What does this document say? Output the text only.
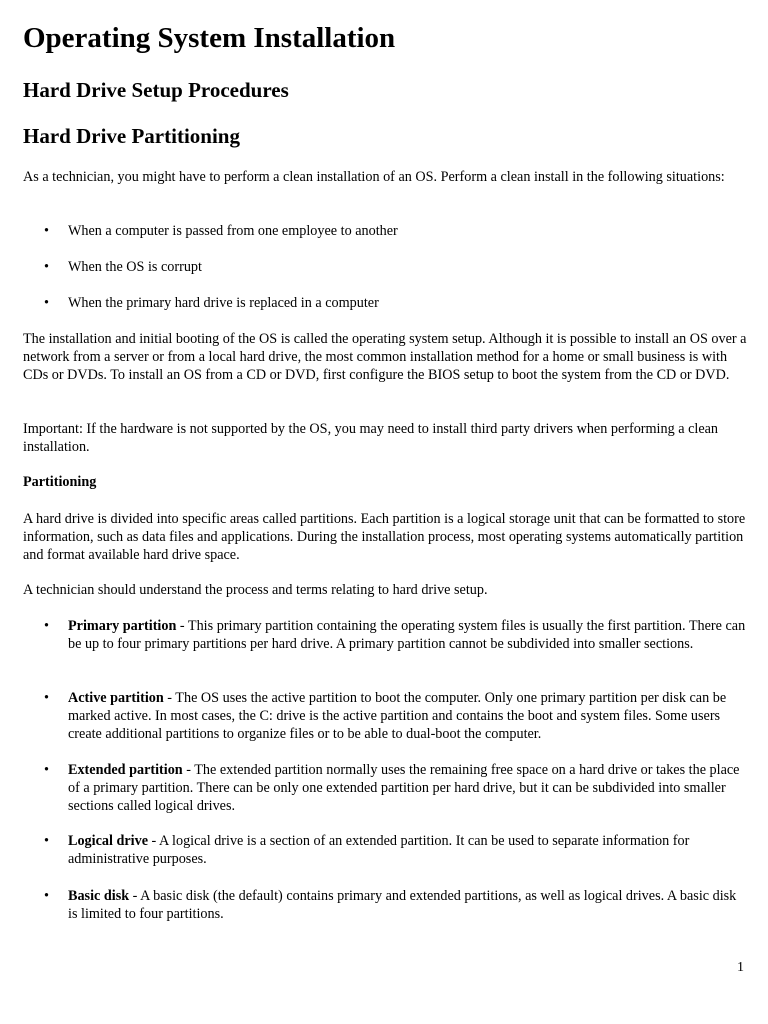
Operating System Installation
Hard Drive Setup Procedures
Hard Drive Partitioning

As a technician, you might have to perform a clean installation of an OS. Perform a clean install in the following situations:

• When a computer is passed from one employee to another
• When the OS is corrupt
• When the primary hard drive is replaced in a computer

The installation and initial booting of the OS is called the operating system setup. Although it is possible to install an OS over a network from a server or from a local hard drive, the most common installation method for a home or small business is with CDs or DVDs. To install an OS from a CD or DVD, first configure the BIOS setup to boot the system from the CD or DVD.

Important: If the hardware is not supported by the OS, you may need to install third party drivers when performing a clean installation.

Partitioning

A hard drive is divided into specific areas called partitions. Each partition is a logical storage unit that can be formatted to store information, such as data files and applications. During the installation process, most operating systems automatically partition and format available hard drive space.

A technician should understand the process and terms relating to hard drive setup.

• Primary partition - This primary partition containing the operating system files is usually the first partition. There can be up to four primary partitions per hard drive. A primary partition cannot be subdivided into smaller sections.
• Active partition - The OS uses the active partition to boot the computer. Only one primary partition per disk can be marked active. In most cases, the C: drive is the active partition and contains the boot and system files. Some users create additional partitions to organize files or to be able to dual-boot the computer.
• Extended partition - The extended partition normally uses the remaining free space on a hard drive or takes the place of a primary partition. There can be only one extended partition per hard drive, but it can be subdivided into smaller sections called logical drives.
• Logical drive - A logical drive is a section of an extended partition. It can be used to separate information for administrative purposes.
• Basic disk - A basic disk (the default) contains primary and extended partitions, as well as logical drives. A basic disk is limited to four partitions.
1
